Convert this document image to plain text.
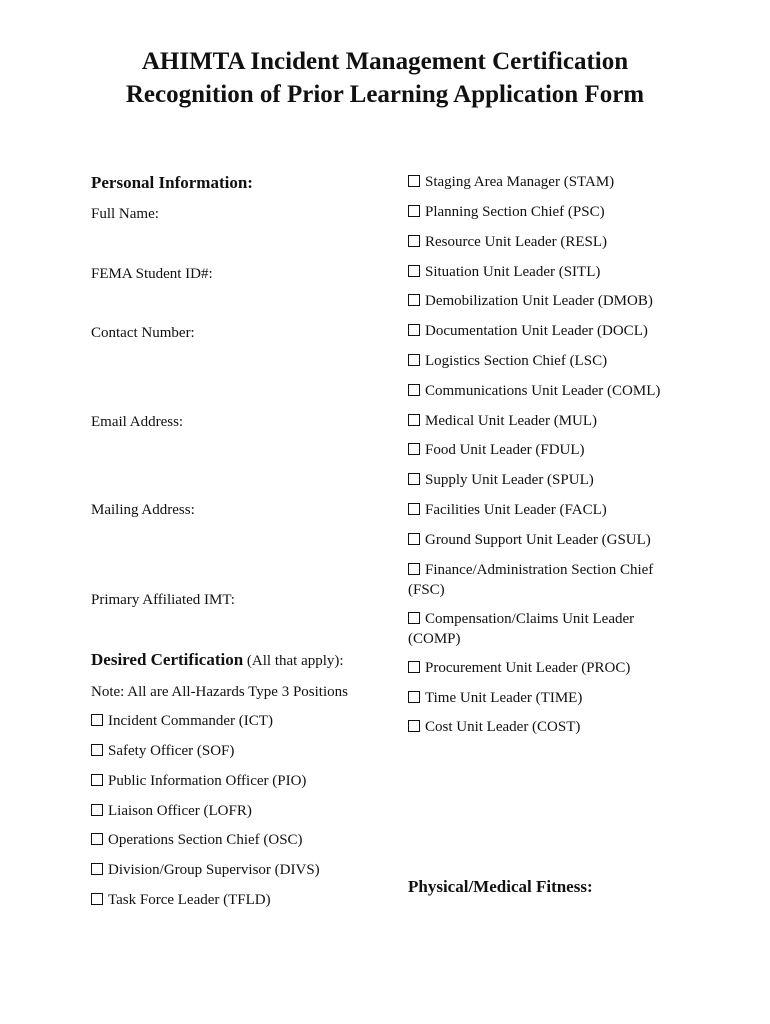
AHIMTA Incident Management Certification
Recognition of Prior Learning Application Form
Personal Information:
Full Name:
FEMA Student ID#:
Contact Number:
Email Address:
Mailing Address:
Primary Affiliated IMT:
Desired Certification (All that apply):
Note: All are All-Hazards Type 3 Positions
Incident Commander (ICT)
Safety Officer (SOF)
Public Information Officer (PIO)
Liaison Officer (LOFR)
Operations Section Chief (OSC)
Division/Group Supervisor (DIVS)
Task Force Leader (TFLD)
Staging Area Manager (STAM)
Planning Section Chief (PSC)
Resource Unit Leader (RESL)
Situation Unit Leader (SITL)
Demobilization Unit Leader (DMOB)
Documentation Unit Leader (DOCL)
Logistics Section Chief (LSC)
Communications Unit Leader (COML)
Medical Unit Leader (MUL)
Food Unit Leader (FDUL)
Supply Unit Leader (SPUL)
Facilities Unit Leader (FACL)
Ground Support Unit Leader (GSUL)
Finance/Administration Section Chief (FSC)
Compensation/Claims Unit Leader (COMP)
Procurement Unit Leader (PROC)
Time Unit Leader (TIME)
Cost Unit Leader (COST)
Physical/Medical Fitness:
